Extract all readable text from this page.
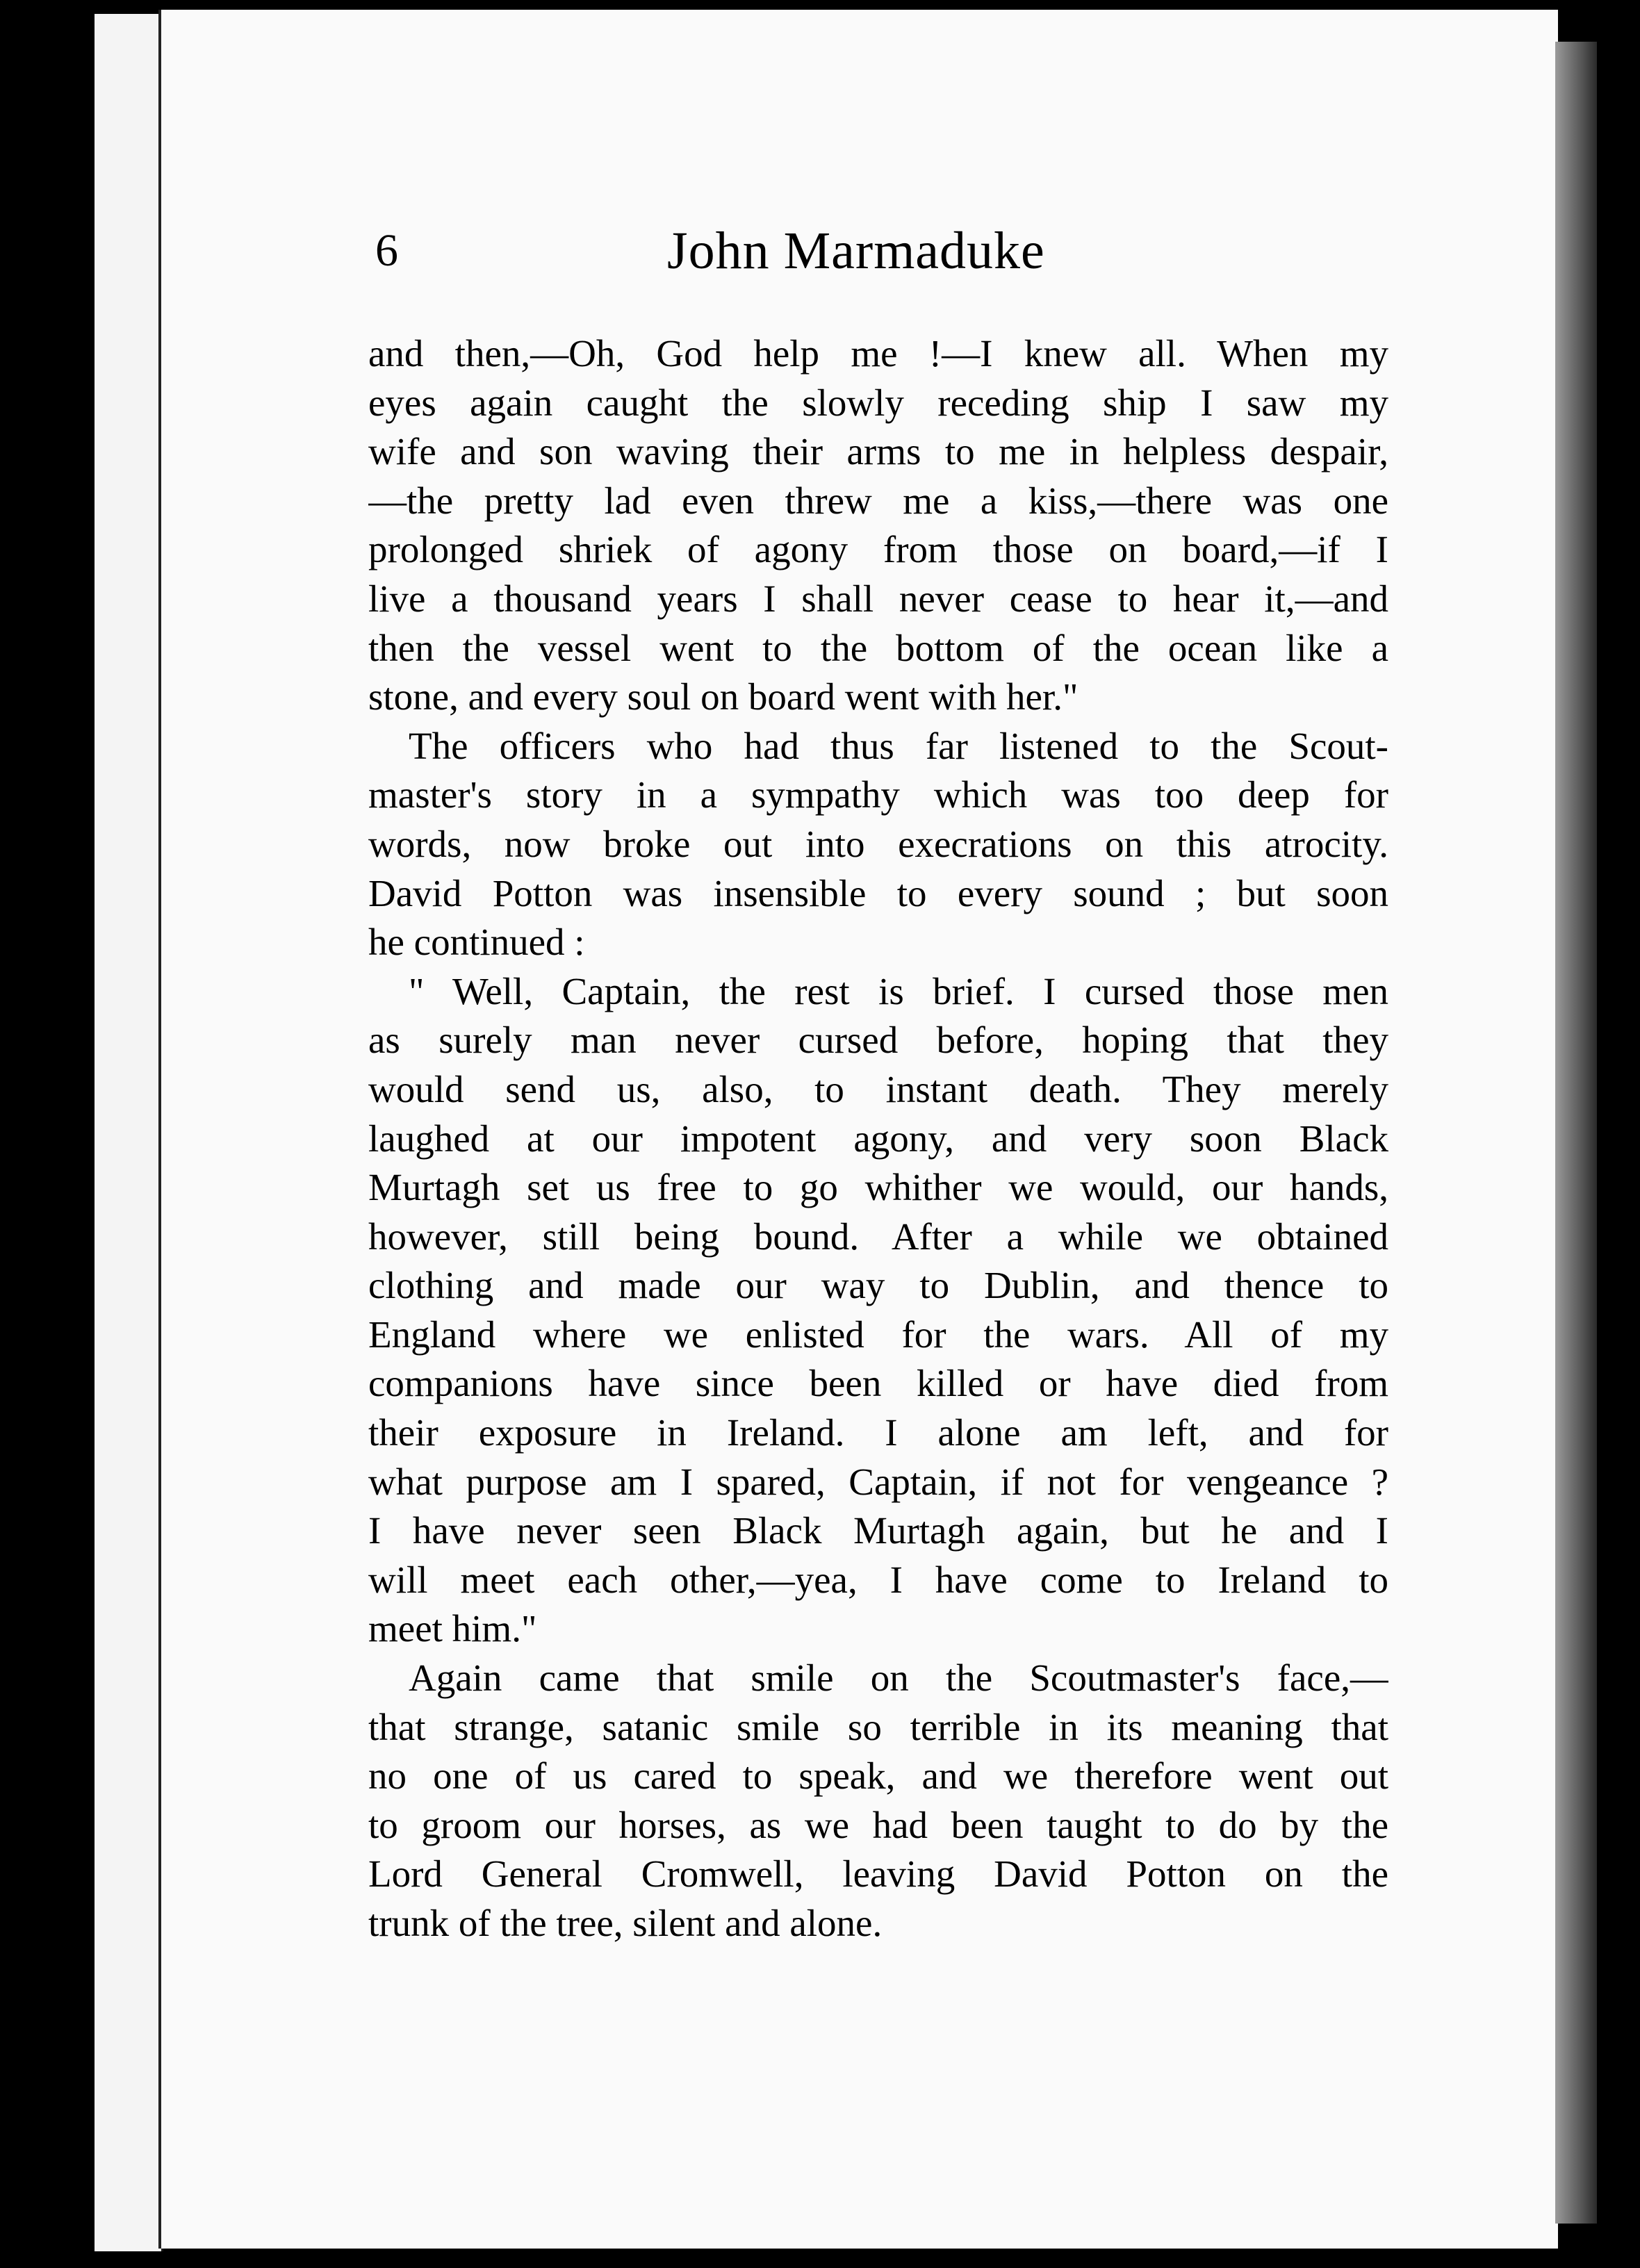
6	John Marmaduke
and then,—Oh, God help me !—I knew all. When my
eyes again caught the slowly receding ship I saw my
wife and son waving their arms to me in helpless despair,
—the pretty lad even threw me a kiss,—there was one
prolonged shriek of agony from those on board,—if I
live a thousand years I shall never cease to hear it,—and
then the vessel went to the bottom of the ocean like a
stone, and every soul on board went with her."
The officers who had thus far listened to the Scout-
master's story in a sympathy which was too deep for
words, now broke out into execrations on this atrocity.
David Potton was insensible to every sound ; but soon
he continued :
" Well, Captain, the rest is brief. I cursed those men
as surely man never cursed before, hoping that they
would send us, also, to instant death. They merely
laughed at our impotent agony, and very soon Black
Murtagh set us free to go whither we would, our hands,
however, still being bound. After a while we obtained
clothing and made our way to Dublin, and thence to
England where we enlisted for the wars. All of my
companions have since been killed or have died from
their exposure in Ireland. I alone am left, and for
what purpose am I spared, Captain, if not for vengeance ?
I have never seen Black Murtagh again, but he and I
will meet each other,—yea, I have come to Ireland to
meet him."
Again came that smile on the Scoutmaster's face,—
that strange, satanic smile so terrible in its meaning that
no one of us cared to speak, and we therefore went out
to groom our horses, as we had been taught to do by the
Lord General Cromwell, leaving David Potton on the
trunk of the tree, silent and alone.
